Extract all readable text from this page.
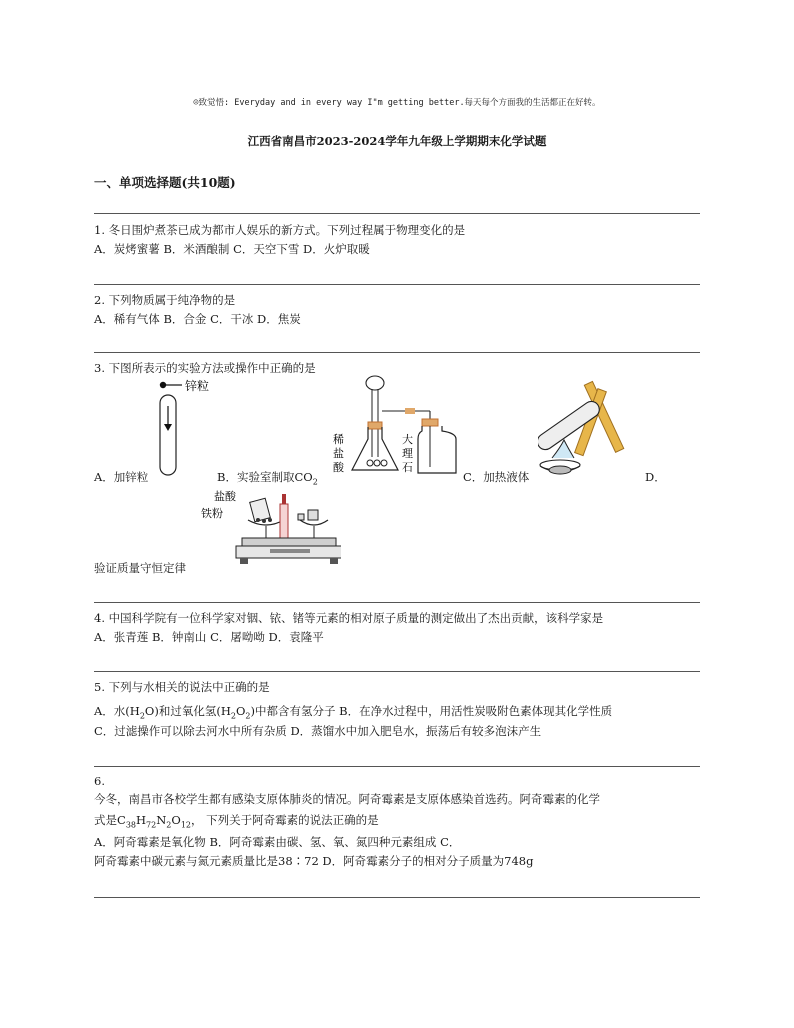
☺致觉悟: Everyday and in every way I"m getting better.每天每个方面我的生活都正在好转。
江西省南昌市2023-2024学年九年级上学期期末化学试题
一、单项选择题(共10题)
1. 冬日围炉煮茶已成为都市人娱乐的新方式。下列过程属于物理变化的是
A．炭烤蜜薯 B．米酒酿制 C．天空下雪 D．火炉取暖
2. 下列物质属于纯净物的是
A．稀有气体 B．合金 C．干冰 D．焦炭
3. 下图所表示的实验方法或操作中正确的是
锌粒
A．加锌粒	B．实验室制取$CO_2$
稀
盐
酸
大
理
石
C．加热液体	D．
盐酸
铁粉
验证质量守恒定律
4. 中国科学院有一位科学家对铟、铱、锗等元素的相对原子质量的测定做出了杰出贡献，该科学家是
A．张青莲 B．钟南山 C．屠呦呦 D．袁隆平
5. 下列与水相关的说法中正确的是
A．水$(H_2O)$和过氧化氢$(H_2O_2)$中都含有氢分子 B．在净水过程中，用活性炭吸附色素体现其化学性质
C．过滤操作可以除去河水中所有杂质 D．蒸馏水中加入肥皂水，振荡后有较多泡沫产生
6.
今冬，南昌市各校学生都有感染支原体肺炎的情况。阿奇霉素是支原体感染首选药。阿奇霉素的化学
式是$C_{38}H_{72}N_2O_{12}$， 下列关于阿奇霉素的说法正确的是
A．阿奇霉素是氧化物 B．阿奇霉素由碳、氢、氧、氮四种元素组成 C．
阿奇霉素中碳元素与氮元素质量比是38∶72 D．阿奇霉素分子的相对分子质量为748g
